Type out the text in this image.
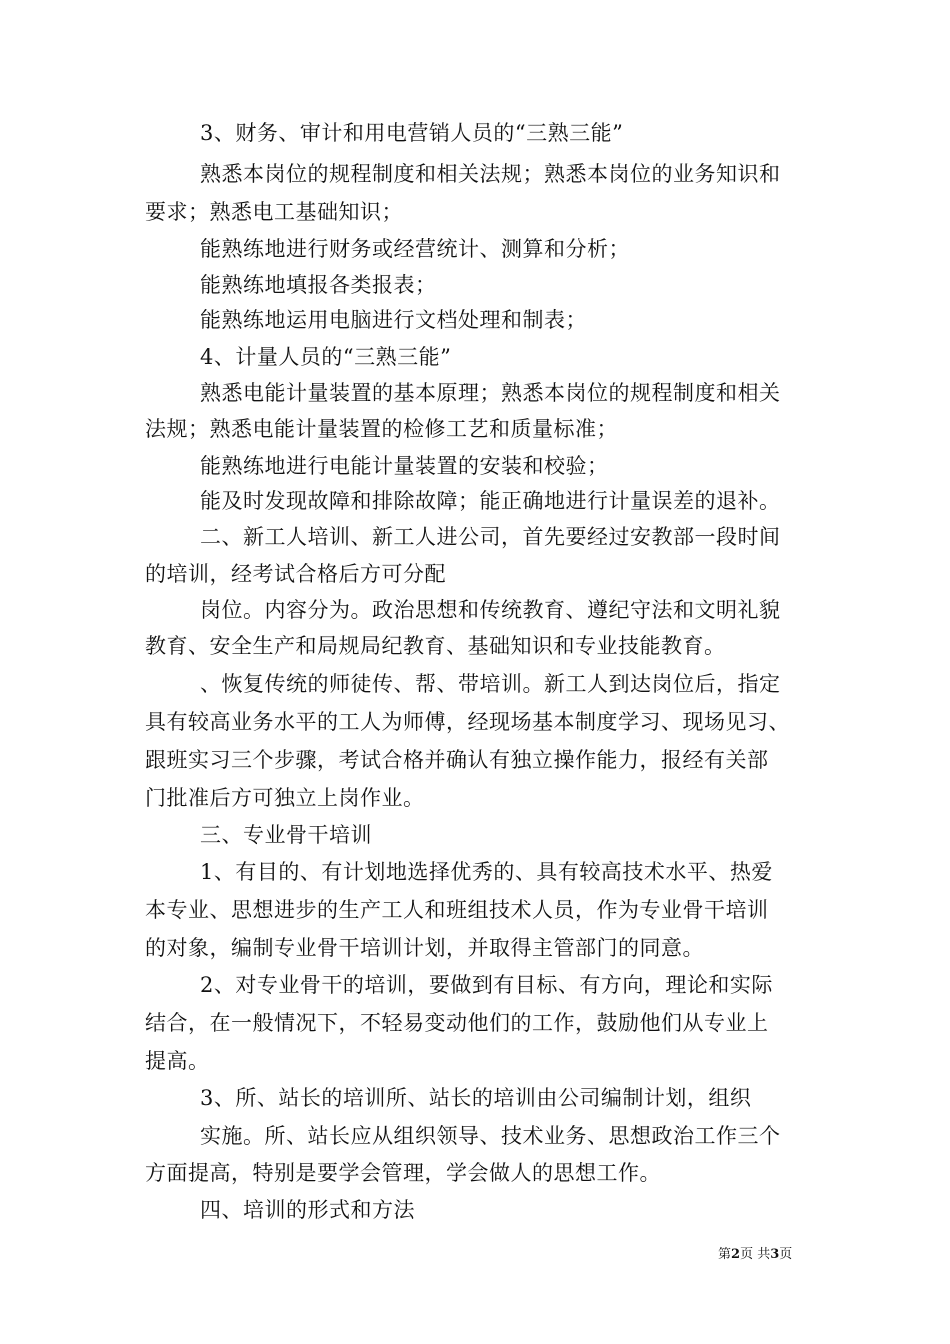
3、财务、审计和用电营销人员的“三熟三能”
熟悉本岗位的规程制度和相关法规；熟悉本岗位的业务知识和
要求；熟悉电工基础知识；
能熟练地进行财务或经营统计、测算和分析；
能熟练地填报各类报表；
能熟练地运用电脑进行文档处理和制表；
4、计量人员的“三熟三能”
熟悉电能计量装置的基本原理；熟悉本岗位的规程制度和相关
法规；熟悉电能计量装置的检修工艺和质量标准；
能熟练地进行电能计量装置的安装和校验；
能及时发现故障和排除故障；能正确地进行计量误差的退补。
二、新工人培训、新工人进公司，首先要经过安教部一段时间
的培训，经考试合格后方可分配
岗位。内容分为。政治思想和传统教育、遵纪守法和文明礼貌
教育、安全生产和局规局纪教育、基础知识和专业技能教育。
、恢复传统的师徒传、帮、带培训。新工人到达岗位后，指定
具有较高业务水平的工人为师傅，经现场基本制度学习、现场见习、
跟班实习三个步骤，考试合格并确认有独立操作能力，报经有关部
门批准后方可独立上岗作业。
三、专业骨干培训
1、有目的、有计划地选择优秀的、具有较高技术水平、热爱
本专业、思想进步的生产工人和班组技术人员，作为专业骨干培训
的对象，编制专业骨干培训计划，并取得主管部门的同意。
2、对专业骨干的培训，要做到有目标、有方向，理论和实际
结合，在一般情况下，不轻易变动他们的工作，鼓励他们从专业上
提高。
3、所、站长的培训所、站长的培训由公司编制计划，组织
实施。所、站长应从组织领导、技术业务、思想政治工作三个
方面提高，特别是要学会管理，学会做人的思想工作。
四、培训的形式和方法
第2页 共3页
